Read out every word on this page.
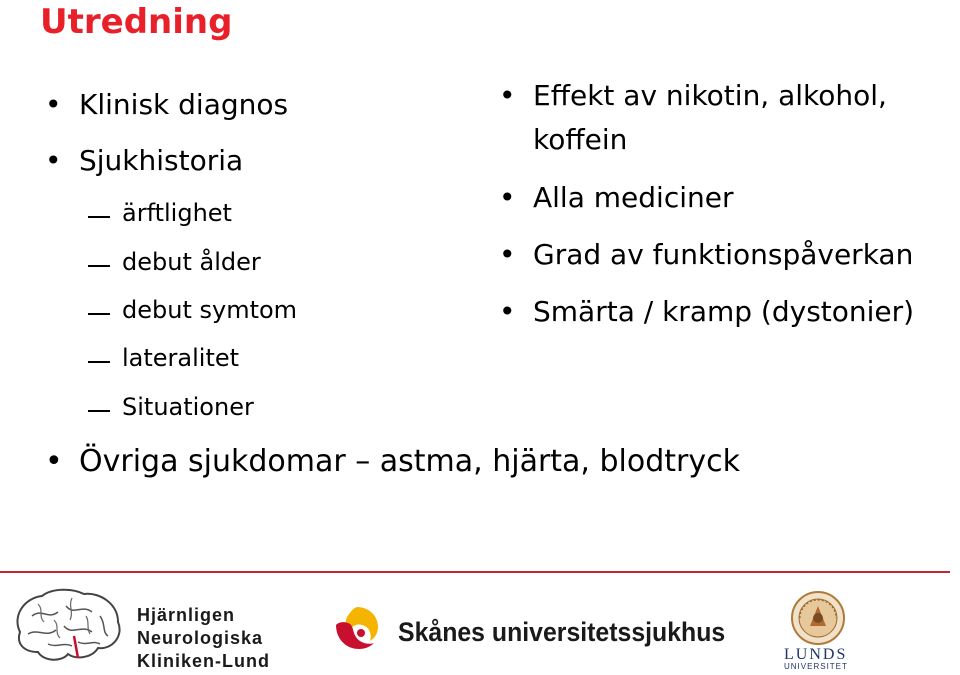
Utredning
• Klinisk diagnos
• Sjukhistoria
ärftlighet
debut ålder
debut symtom
lateralitet
Situationer
• Övriga sjukdomar – astma, hjärta, blodtryck
• Effekt av nikotin, alkohol,
koffein
• Alla mediciner
• Grad av funktionspåverkan
• Smärta / kramp (dystonier)
Hjärnligen
Neurologiska
Kliniken-Lund
Skånes universitetssjukhus
LUNDS
UNIVERSITET
